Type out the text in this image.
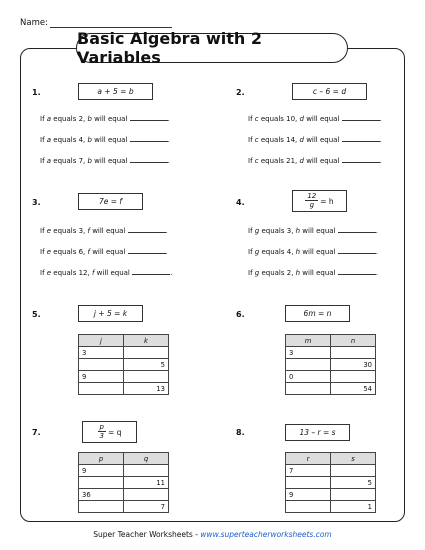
Name:
Basic Algebra with 2 Variables
1.	a + 5 = b
If a equals 2, b will equal	.
If a equals 4, b will equal	.
If a equals 7, b will equal	.
2.	c – 6 = d
If c equals 10, d will equal	.
If c equals 14, d will equal	.
If c equals 21, d will equal	.
3.	7e = f
If e equals 3, f will equal	.
If e equals 6, f will equal	.
If e equals 12, f will equal	.
4.	$\frac{12}{g} = h$
If g equals 3, h will equal	.
If g equals 4, h will equal	.
If g equals 2, h will equal	.
5.	j + 5 = k
j	k
3	
	5
9	
	13
6.	6m = n
m	n
3	
	30
0	
	54
7.	$\frac{p}{3} = q$
p	q
9	
	11
36	
	7
8.	13 – r = s
r	s
7	
	5
9	
	1
Super Teacher Worksheets - www.superteacherworksheets.com
